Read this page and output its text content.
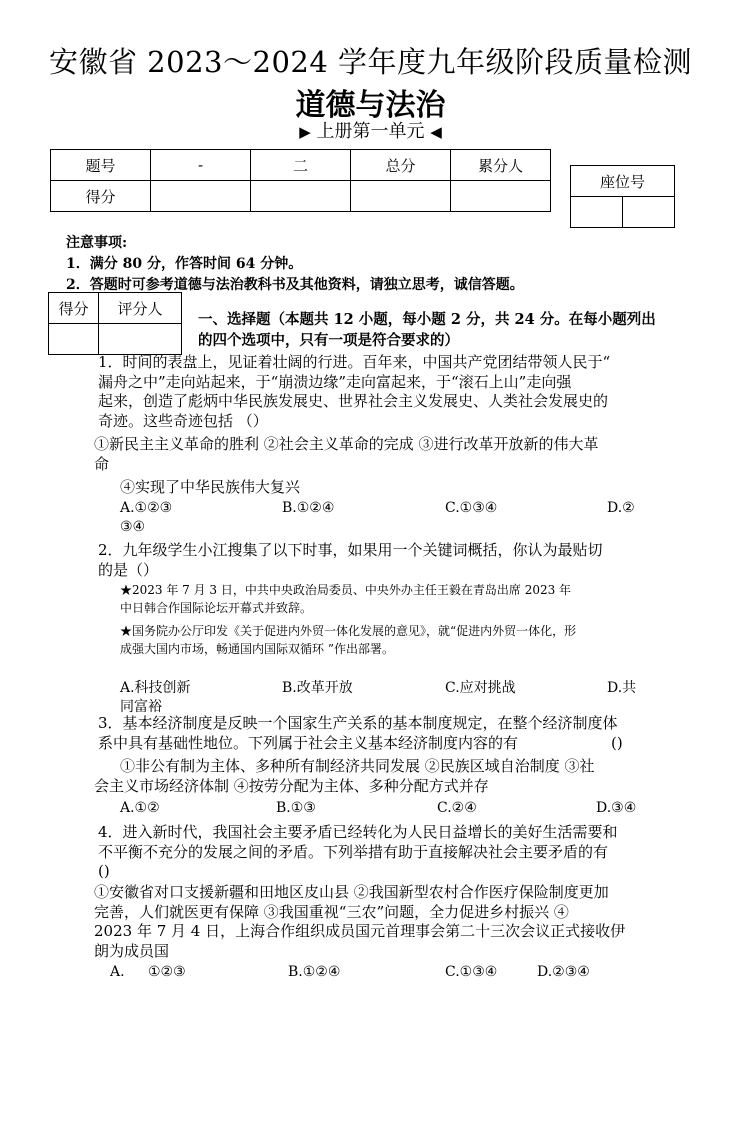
安徽省 2023～2024 学年度九年级阶段质量检测
道德与法治
▶ 上册第一单元 ◀
题号	-	二	总分	累分人
得分				
座位号

注意事项:
1．满分 80 分，作答时间 64 分钟。
2．答题时可参考道德与法治教科书及其他资料，请独立思考，诚信答题。
得分	评分人

一、选择题（本题共 12 小题，每小题 2 分，共 24 分。在每小题列出
的四个选项中，只有一项是符合要求的）
1．时间的表盘上，见证着壮阔的行进。百年来，中国共产党团结带领人民于“
漏舟之中”走向站起来，于“崩溃边缘”走向富起来，于“滚石上山”走向强
起来，创造了彪炳中华民族发展史、世界社会主义发展史、人类社会发展史的
奇迹。这些奇迹包括 （）
①新民主主义革命的胜利 ②社会主义革命的完成 ③进行改革开放新的伟大革
命
④实现了中华民族伟大复兴
A.①②③	B.①②④	C.①③④	D.②
③④
2．九年级学生小江搜集了以下时事，如果用一个关键词概括，你认为最贴切
的是（）
★2023 年 7 月 3 日，中共中央政治局委员、中央外办主任王毅在青岛出席 2023 年
中日韩合作国际论坛开幕式并致辞。
★国务院办公厅印发《关于促进内外贸一体化发展的意见》，就“促进内外贸一体化，形
成强大国内市场，畅通国内国际双循环 ”作出部署。
A.科技创新	B.改革开放	C.应对挑战	D.共
同富裕
3．基本经济制度是反映一个国家生产关系的基本制度规定，在整个经济制度体
系中具有基础性地位。下列属于社会主义基本经济制度内容的有	()
①非公有制为主体、多种所有制经济共同发展 ②民族区域自治制度 ③社
会主义市场经济体制 ④按劳分配为主体、多种分配方式并存
A.①②	B.①③	C.②④	D.③④
4．进入新时代，我国社会主要矛盾已经转化为人民日益增长的美好生活需要和
不平衡不充分的发展之间的矛盾。下列举措有助于直接解决社会主要矛盾的有
()
①安徽省对口支援新疆和田地区皮山县 ②我国新型农村合作医疗保险制度更加
完善，人们就医更有保障 ③我国重视“三农”问题，全力促进乡村振兴 ④
2023 年 7 月 4 日，上海合作组织成员国元首理事会第二十三次会议正式接收伊
朗为成员国
A. ①②③	B.①②④	C.①③④	D.②③④
